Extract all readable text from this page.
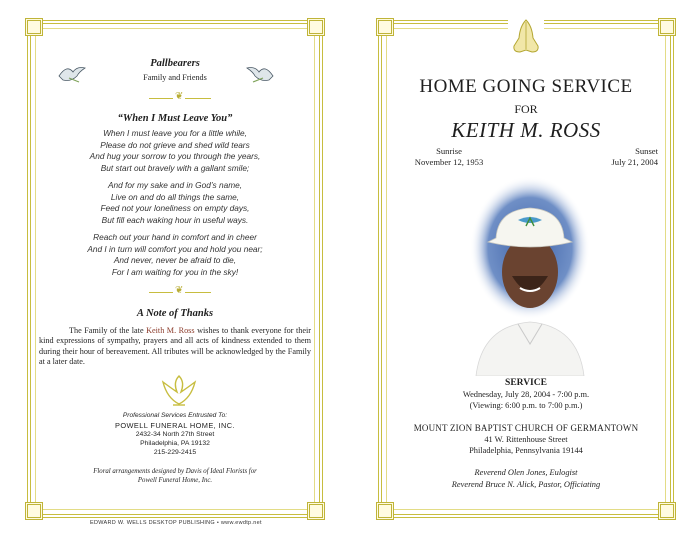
Pallbearers
Family and Friends
❦
“When I Must Leave You”
When I must leave you for a little while,
Please do not grieve and shed wild tears
And hug your sorrow to you through the years,
But start out bravely with a gallant smile;
And for my sake and in God’s name,
Live on and do all things the same,
Feed not your loneliness on empty days,
But fill each waking hour in useful ways.
Reach out your hand in comfort and in cheer
And I in turn will comfort you and hold you near;
And never, never be afraid to die,
For I am waiting for you in the sky!
❦
A Note of Thanks
The Family of the late Keith M. Ross wishes to thank everyone for their kind expressions of sympathy, prayers and all acts of kindness extended to them during their hour of bereavement. All tributes will be acknowledged by the Family at a later date.
Professional Services Entrusted To:
POWELL FUNERAL HOME, INC.
2432-34 North 27th Street
Philadelphia, PA 19132
215-229-2415
Floral arrangements designed by Davis of Ideal Florists for
Powell Funeral Home, Inc.
EDWARD W. WELLS DESKTOP PUBLISHING • www.ewdtp.net
HOME GOING SERVICE
FOR
KEITH M. ROSS
Sunrise
November 12, 1953
Sunset
July 21, 2004
SERVICE
Wednesday, July 28, 2004 - 7:00 p.m.
(Viewing: 6:00 p.m. to 7:00 p.m.)
MOUNT ZION BAPTIST CHURCH OF GERMANTOWN
41 W. Rittenhouse Street
Philadelphia, Pennsylvania 19144
Reverend Olen Jones, Eulogist
Reverend Bruce N. Alick, Pastor, Officiating
